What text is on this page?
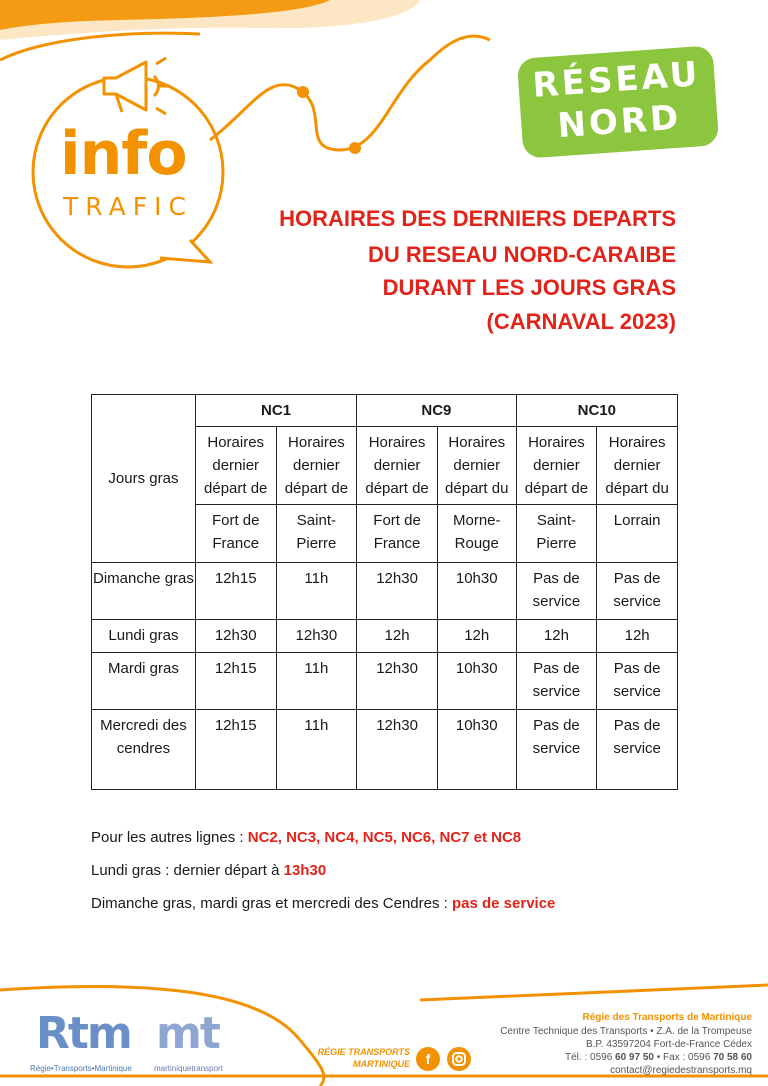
info
TRAFIC
RÉSEAU
NORD
HORAIRES DES DERNIERS DEPARTS
DU RESEAU NORD-CARAIBE
DURANT LES JOURS GRAS
(CARNAVAL 2023)
Jours gras	NC1		NC9		NC10	
	Horaires dernier départ de	Horaires dernier départ de	Horaires dernier départ de	Horaires dernier départ du	Horaires dernier départ de	Horaires dernier départ du
	Fort de France	Saint-Pierre	Fort de France	Morne-Rouge	Saint-Pierre	Lorrain
Dimanche gras	12h15	11h	12h30	10h30	Pas de service	Pas de service
Lundi gras	12h30	12h30	12h	12h	12h	12h
Mardi gras	12h15	11h	12h30	10h30	Pas de service	Pas de service
Mercredi des cendres	12h15	11h	12h30	10h30	Pas de service	Pas de service
Pour les autres lignes : NC2, NC3, NC4, NC5, NC6, NC7 et NC8
Lundi gras : dernier départ à 13h30
Dimanche gras, mardi gras et mercredi des Cendres : pas de service
Rtm
Régie•Transports•Martinique
mt
martiniquetransport
RÉGIE TRANSPORTS
MARTINIQUE	f
Régie des Transports de Martinique
Centre Technique des Transports • Z.A. de la Trompeuse
B.P. 43597204 Fort-de-France Cédex
Tél. : 0596 60 97 50 • Fax : 0596 70 58 60
contact@regiedestransports.mq
